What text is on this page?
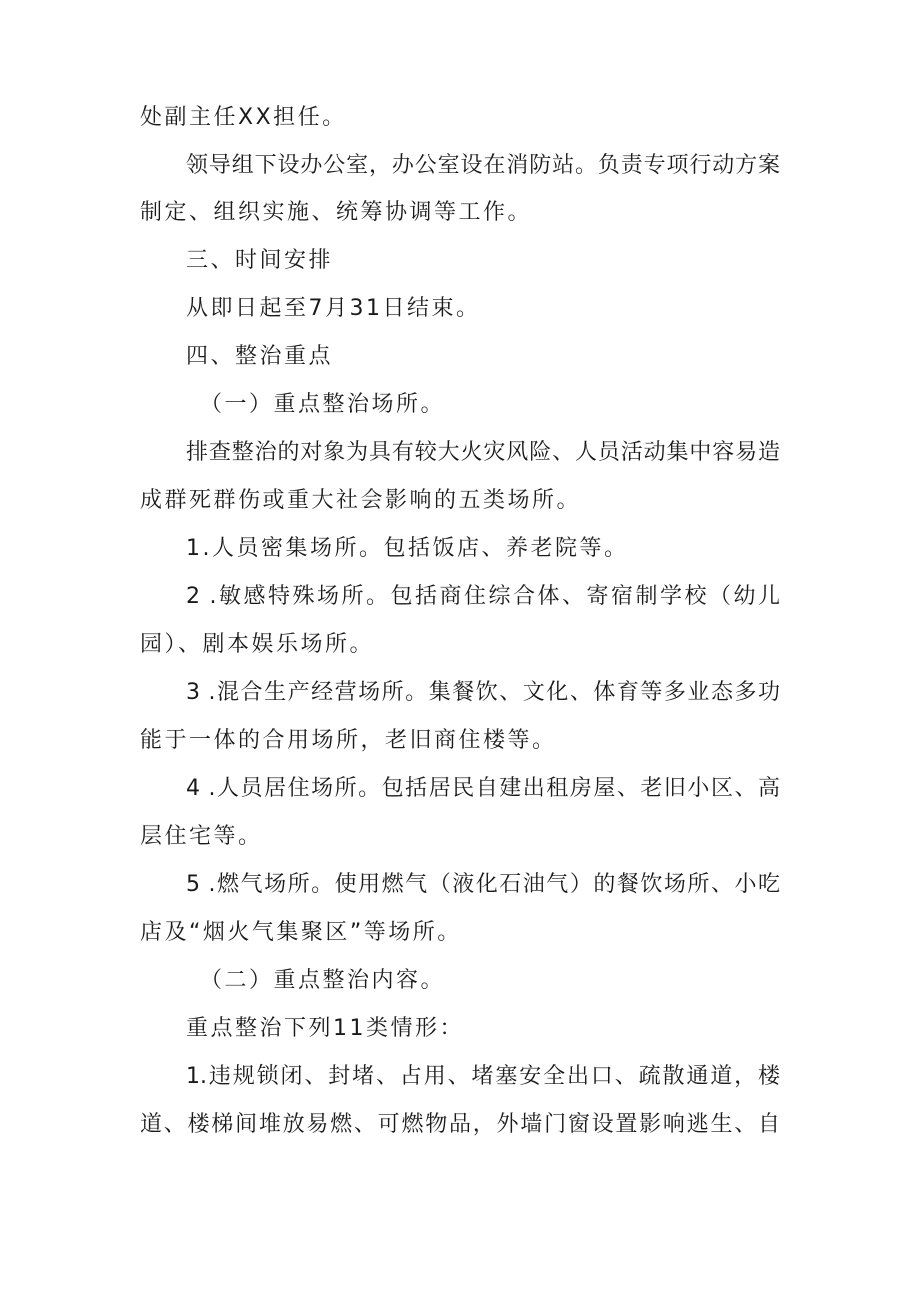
处副主任XX担任。
领导组下设办公室，办公室设在消防站。负责专项行动方案
制定、组织实施、统筹协调等工作。
三、时间安排
从即日起至7月31日结束。
四、整治重点
（一）重点整治场所。
排查整治的对象为具有较大火灾风险、人员活动集中容易造
成群死群伤或重大社会影响的五类场所。
1.人员密集场所。包括饭店、养老院等。
2 .敏感特殊场所。包括商住综合体、寄宿制学校（幼儿
园）、剧本娱乐场所。
3 .混合生产经营场所。集餐饮、文化、体育等多业态多功
能于一体的合用场所，老旧商住楼等。
4 .人员居住场所。包括居民自建出租房屋、老旧小区、高
层住宅等。
5 .燃气场所。使用燃气（液化石油气）的餐饮场所、小吃
店及“烟火气集聚区”等场所。
（二）重点整治内容。
重点整治下列11类情形：
1.违规锁闭、封堵、占用、堵塞安全出口、疏散通道，楼
道、楼梯间堆放易燃、可燃物品，外墙门窗设置影响逃生、自
